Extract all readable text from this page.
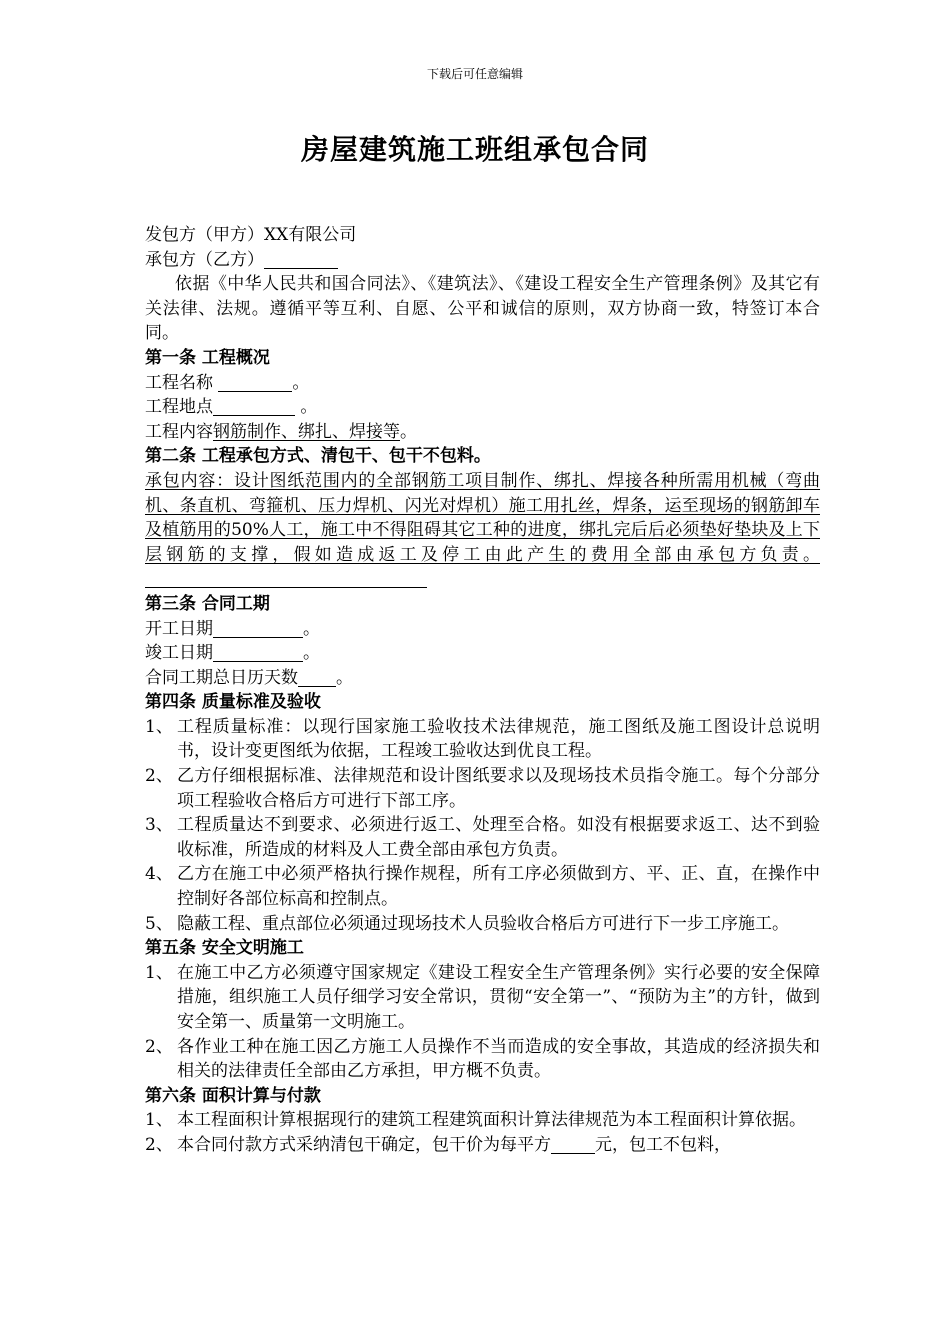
下载后可任意编辑
房屋建筑施工班组承包合同
发包方（甲方）XX有限公司
承包方（乙方）
依据《中华人民共和国合同法》、《建筑法》、《建设工程安全生产管理条例》及其它有关法律、法规。遵循平等互利、自愿、公平和诚信的原则，双方协商一致，特签订本合同。
第一条 工程概况
工程名称	。
工程地点	。
工程内容钢筋制作、绑扎、焊接等。
第二条 工程承包方式、清包干、包干不包料。
承包内容：设计图纸范围内的全部钢筋工项目制作、绑扎、焊接各种所需用机械（弯曲机、条直机、弯箍机、压力焊机、闪光对焊机）施工用扎丝，焊条，运至现场的钢筋卸车及植筋用的50%人工，施工中不得阻碍其它工种的进度，绑扎完后后必须垫好垫块及上下层钢筋的支撑，假如造成返工及停工由此产生的费用全部由承包方负责。
第三条 合同工期
开工日期	。
竣工日期	。
合同工期总日历天数 。
第四条 质量标准及验收
1、 工程质量标准：以现行国家施工验收技术法律规范，施工图纸及施工图设计总说明书，设计变更图纸为依据，工程竣工验收达到优良工程。
2、 乙方仔细根据标准、法律规范和设计图纸要求以及现场技术员指令施工。每个分部分项工程验收合格后方可进行下部工序。
3、 工程质量达不到要求、必须进行返工、处理至合格。如没有根据要求返工、达不到验收标准，所造成的材料及人工费全部由承包方负责。
4、 乙方在施工中必须严格执行操作规程，所有工序必须做到方、平、正、直，在操作中控制好各部位标高和控制点。
5、 隐蔽工程、重点部位必须通过现场技术人员验收合格后方可进行下一步工序施工。
第五条 安全文明施工
1、 在施工中乙方必须遵守国家规定《建设工程安全生产管理条例》实行必要的安全保障措施，组织施工人员仔细学习安全常识，贯彻“安全第一”、“预防为主”的方针，做到安全第一、质量第一文明施工。
2、 各作业工种在施工因乙方施工人员操作不当而造成的安全事故，其造成的经济损失和相关的法律责任全部由乙方承担，甲方概不负责。
第六条 面积计算与付款
1、 本工程面积计算根据现行的建筑工程建筑面积计算法律规范为本工程面积计算依据。
2、 本合同付款方式采纳清包干确定，包干价为每平方	元，包工不包料，
